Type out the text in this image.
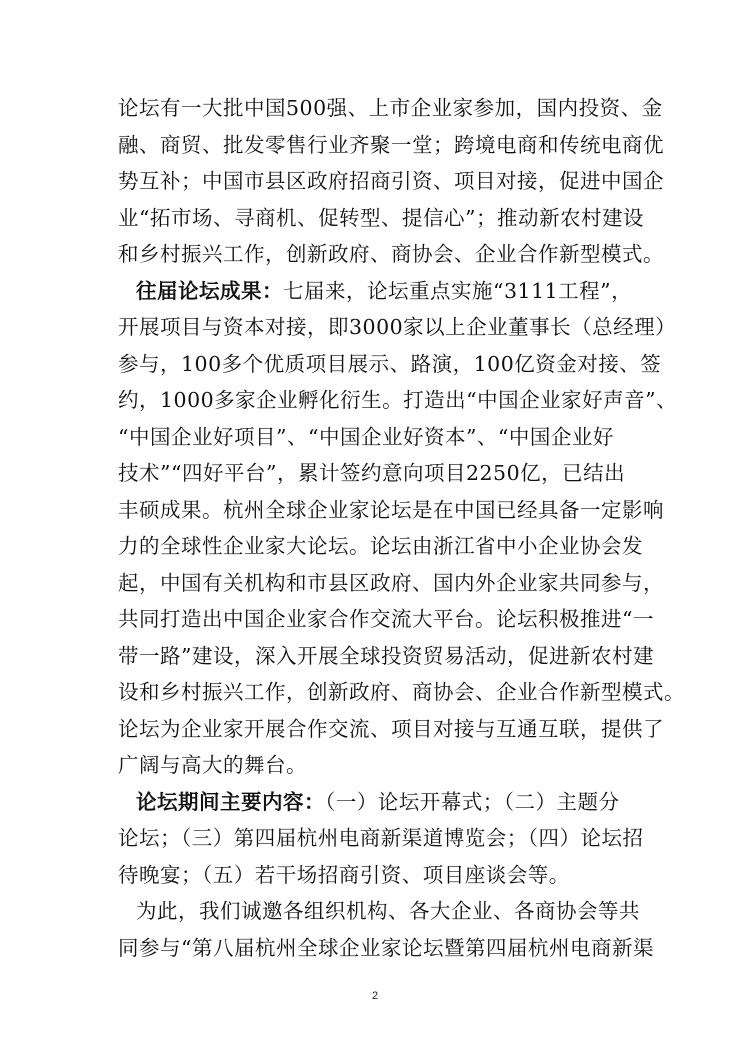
论坛有一大批中国500强、上市企业家参加，国内投资、金
融、商贸、批发零售行业齐聚一堂；跨境电商和传统电商优
势互补；中国市县区政府招商引资、项目对接，促进中国企
业“拓市场、寻商机、促转型、提信心”；推动新农村建设
和乡村振兴工作，创新政府、商协会、企业合作新型模式。
往届论坛成果：七届来，论坛重点实施“3111工程”，
开展项目与资本对接，即3000家以上企业董事长（总经理）
参与，100多个优质项目展示、路演，100亿资金对接、签
约，1000多家企业孵化衍生。打造出“中国企业家好声音”、
“中国企业好项目”、“中国企业好资本”、“中国企业好
技术”“四好平台”，累计签约意向项目2250亿，已结出
丰硕成果。杭州全球企业家论坛是在中国已经具备一定影响
力的全球性企业家大论坛。论坛由浙江省中小企业协会发
起，中国有关机构和市县区政府、国内外企业家共同参与，
共同打造出中国企业家合作交流大平台。论坛积极推进“一
带一路”建设，深入开展全球投资贸易活动，促进新农村建
设和乡村振兴工作，创新政府、商协会、企业合作新型模式。
论坛为企业家开展合作交流、项目对接与互通互联，提供了
广阔与高大的舞台。
论坛期间主要内容：（一）论坛开幕式；（二）主题分
论坛；（三）第四届杭州电商新渠道博览会；（四）论坛招
待晚宴；（五）若干场招商引资、项目座谈会等。
为此，我们诚邀各组织机构、各大企业、各商协会等共
同参与“第八届杭州全球企业家论坛暨第四届杭州电商新渠
2
